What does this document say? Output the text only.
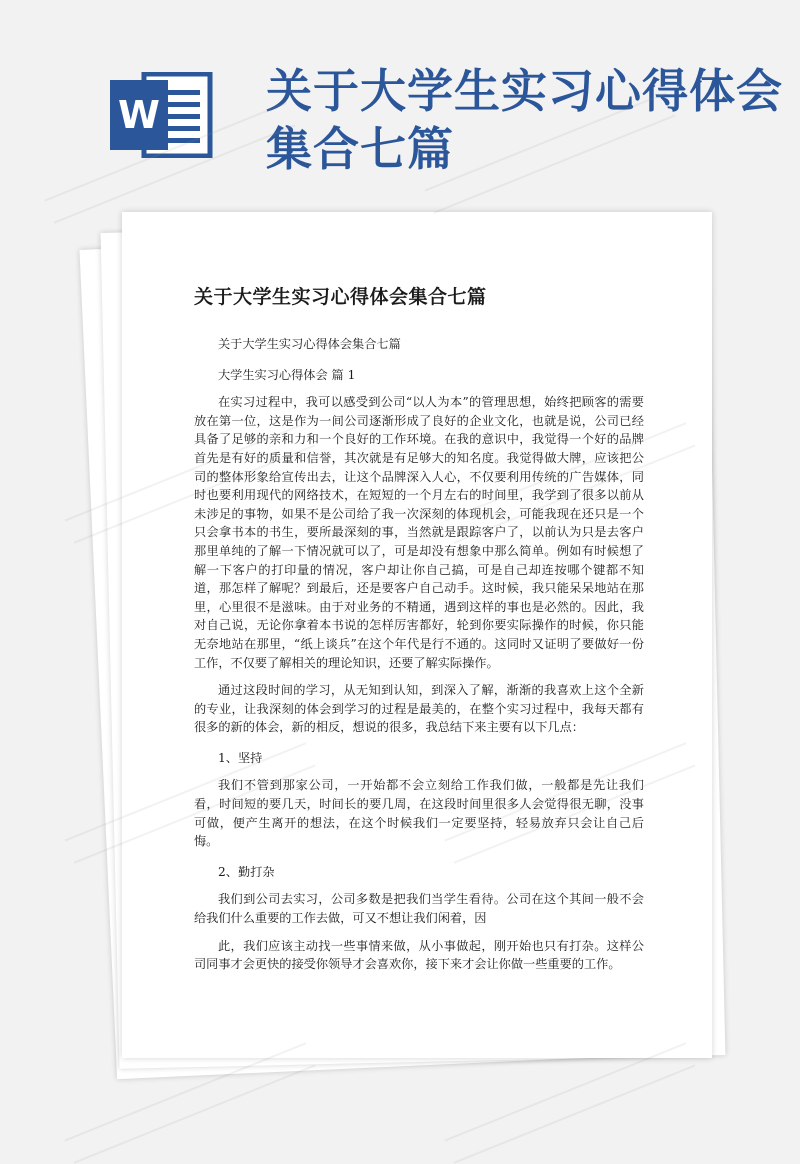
W 关于大学生实习心得体会集合七篇
关于大学生实习心得体会集合七篇

关于大学生实习心得体会集合七篇

大学生实习心得体会 篇 1

在实习过程中，我可以感受到公司“以人为本”的管理思想，始终把顾客的需要放在第一位，这是作为一间公司逐渐形成了良好的企业文化，也就是说，公司已经具备了足够的亲和力和一个良好的工作环境。在我的意识中，我觉得一个好的品牌首先是有好的质量和信誉，其次就是有足够大的知名度。我觉得做大牌，应该把公司的整体形象给宣传出去，让这个品牌深入人心，不仅要利用传统的广告媒体，同时也要利用现代的网络技术，在短短的一个月左右的时间里，我学到了很多以前从未涉足的事物，如果不是公司给了我一次深刻的体现机会，可能我现在还只是一个只会拿书本的书生，要所最深刻的事，当然就是跟踪客户了，以前认为只是去客户那里单纯的了解一下情况就可以了，可是却没有想象中那么简单。例如有时候想了解一下客户的打印量的情况，客户却让你自己搞，可是自己却连按哪个键都不知道，那怎样了解呢？到最后，还是要客户自己动手。这时候，我只能呆呆地站在那里，心里很不是滋味。由于对业务的不精通，遇到这样的事也是必然的。因此，我对自己说，无论你拿着本书说的怎样厉害都好，轮到你要实际操作的时候，你只能无奈地站在那里，“纸上谈兵”在这个年代是行不通的。这同时又证明了要做好一份工作，不仅要了解相关的理论知识，还要了解实际操作。

通过这段时间的学习，从无知到认知，到深入了解，渐渐的我喜欢上这个全新的专业，让我深刻的体会到学习的过程是最美的，在整个实习过程中，我每天都有很多的新的体会，新的相反，想说的很多，我总结下来主要有以下几点：

1、坚持

我们不管到那家公司，一开始都不会立刻给工作我们做，一般都是先让我们看，时间短的要几天，时间长的要几周，在这段时间里很多人会觉得很无聊，没事可做，便产生离开的想法，在这个时候我们一定要坚持，轻易放弃只会让自己后悔。

2、勤打杂

我们到公司去实习，公司多数是把我们当学生看待。公司在这个其间一般不会给我们什么重要的工作去做，可又不想让我们闲着，因

此，我们应该主动找一些事情来做，从小事做起，刚开始也只有打杂。这样公司同事才会更快的接受你领导才会喜欢你，接下来才会让你做一些重要的工作。
